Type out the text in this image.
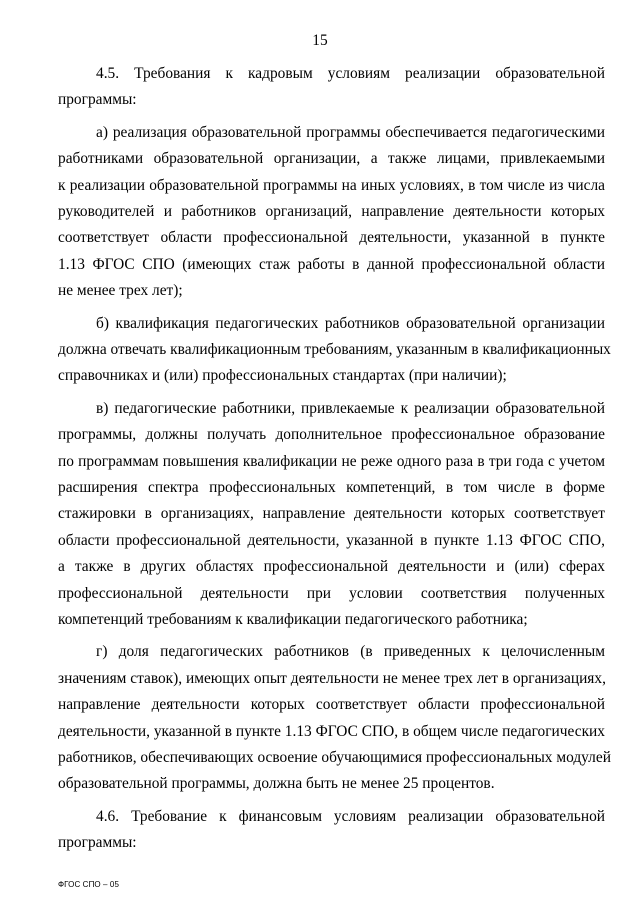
15
4.5. Требования к кадровым условиям реализации образовательной
программы:
а) реализация образовательной программы обеспечивается педагогическими
работниками образовательной организации, а также лицами, привлекаемыми
к реализации образовательной программы на иных условиях, в том числе из числа
руководителей и работников организаций, направление деятельности которых
соответствует области профессиональной деятельности, указанной в пункте
1.13 ФГОС СПО (имеющих стаж работы в данной профессиональной области
не менее трех лет);
б) квалификация педагогических работников образовательной организации
должна отвечать квалификационным требованиям, указанным в квалификационных
справочниках и (или) профессиональных стандартах (при наличии);
в) педагогические работники, привлекаемые к реализации образовательной
программы, должны получать дополнительное профессиональное образование
по программам повышения квалификации не реже одного раза в три года с учетом
расширения спектра профессиональных компетенций, в том числе в форме
стажировки в организациях, направление деятельности которых соответствует
области профессиональной деятельности, указанной в пункте 1.13 ФГОС СПО,
а также в других областях профессиональной деятельности и (или) сферах
профессиональной деятельности при условии соответствия полученных
компетенций требованиям к квалификации педагогического работника;
г) доля педагогических работников (в приведенных к целочисленным
значениям ставок), имеющих опыт деятельности не менее трех лет в организациях,
направление деятельности которых соответствует области профессиональной
деятельности, указанной в пункте 1.13 ФГОС СПО, в общем числе педагогических
работников, обеспечивающих освоение обучающимися профессиональных модулей
образовательной программы, должна быть не менее 25 процентов.
4.6. Требование к финансовым условиям реализации образовательной
программы:
ФГОС СПО – 05
